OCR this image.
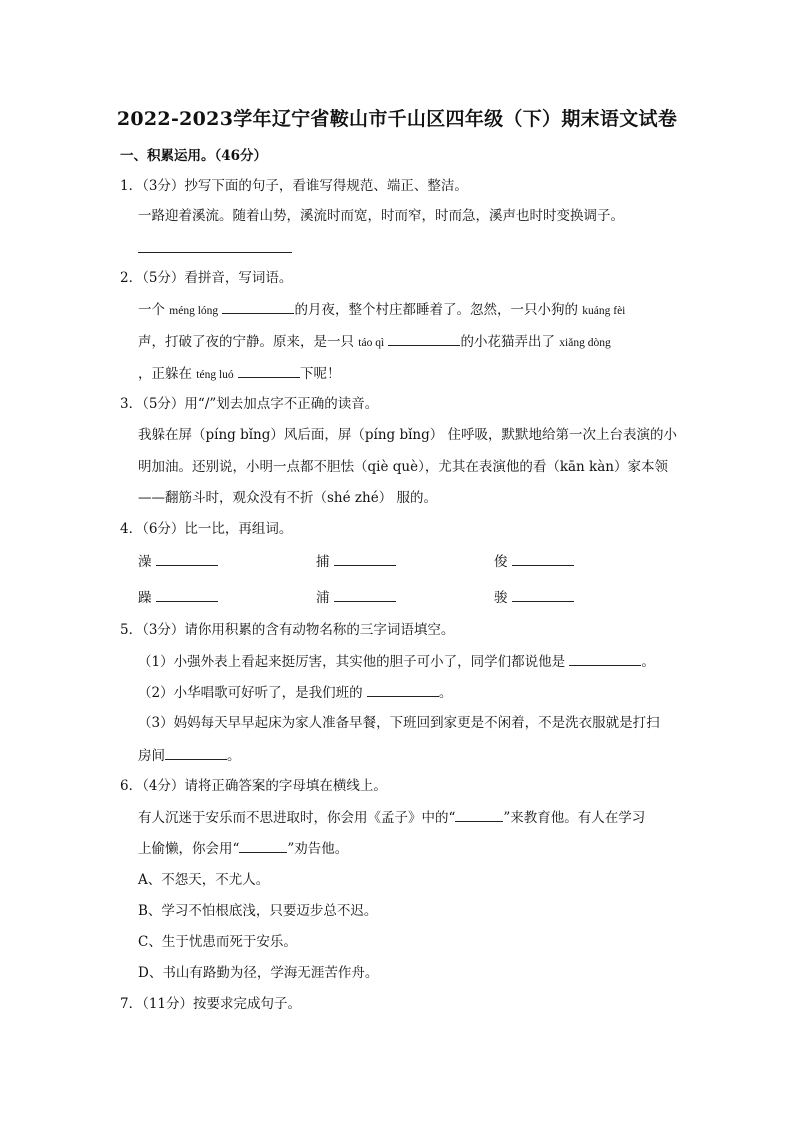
2022-2023学年辽宁省鞍山市千山区四年级（下）期末语文试卷
一、积累运用。（46分）
1．（3分）抄写下面的句子，看谁写得规范、端正、整洁。
一路迎着溪流。随着山势，溪流时而宽，时而窄，时而急，溪声也时时变换调子。
2．（5分）看拼音，写词语。
一个 méng lóng	的月夜，整个村庄都睡着了。忽然，一只小狗的 kuáng fèi
声，打破了夜的宁静。原来，是一只 táo qì	的小花猫弄出了 xiǎng dòng
，正躲在 téng luó	下呢！
3．（5分）用“/”划去加点字不正确的读音。
我躲在屏（píng bǐng）风后面，屏（píng bǐng） 住呼吸，默默地给第一次上台表演的小
明加油。还别说，小明一点都不胆怯（qiè què），尤其在表演他的看（kān kàn）家本领
——翻筋斗时，观众没有不折（shé zhé） 服的。
4．（6分）比一比，再组词。
澡	捕	俊
躁	浦	骏
5．（3分）请你用积累的含有动物名称的三字词语填空。
（1）小强外表上看起来挺厉害，其实他的胆子可小了，同学们都说他是	。
（2）小华唱歌可好听了，是我们班的	。
（3）妈妈每天早早起床为家人准备早餐，下班回到家更是不闲着，不是洗衣服就是打扫
房间	。
6．（4分）请将正确答案的字母填在横线上。
有人沉迷于安乐而不思进取时，你会用《孟子》中的“	”来教育他。有人在学习
上偷懒，你会用“	”劝告他。
A、不怨天，不尤人。
B、学习不怕根底浅，只要迈步总不迟。
C、生于忧患而死于安乐。
D、书山有路勤为径，学海无涯苦作舟。
7．（11分）按要求完成句子。
